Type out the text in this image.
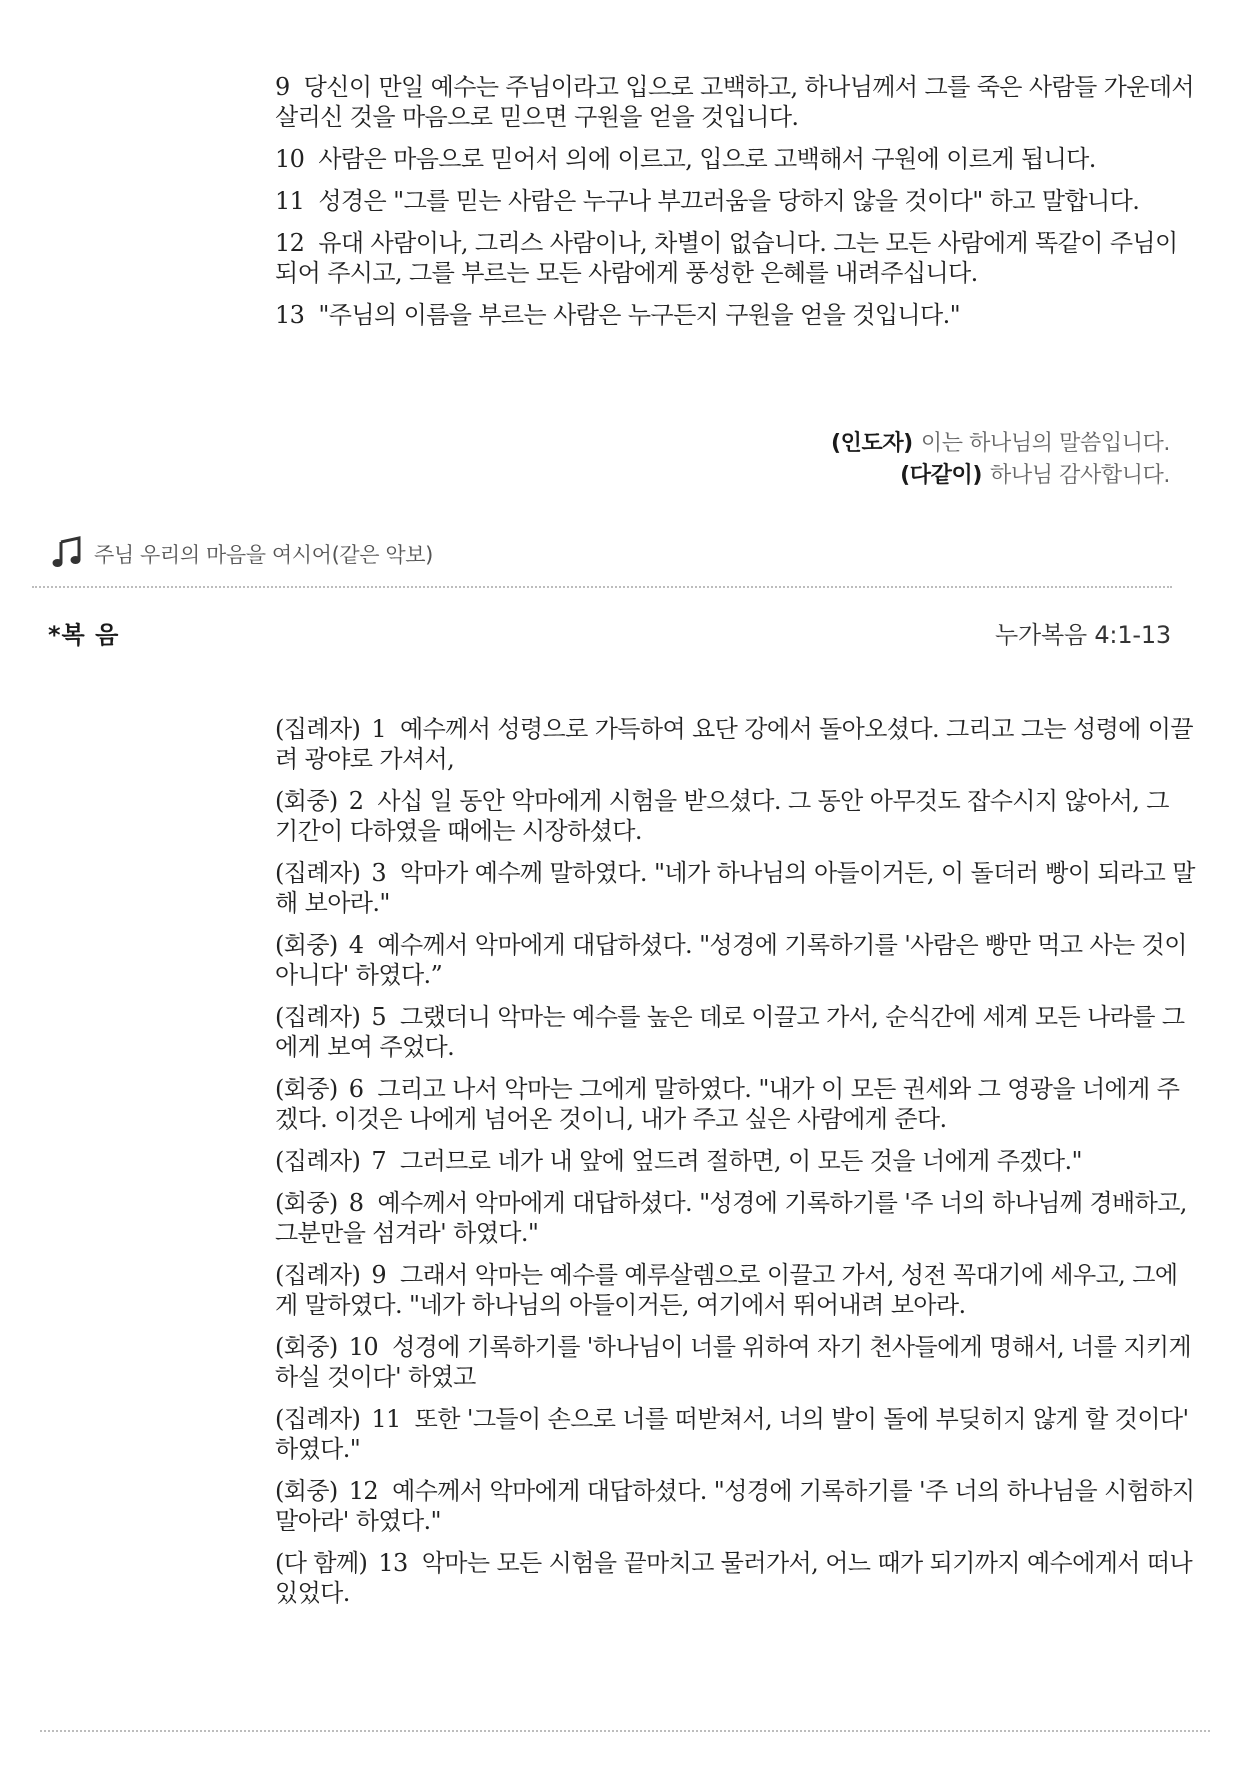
9 당신이 만일 예수는 주님이라고 입으로 고백하고, 하나님께서 그를 죽은 사람들 가운데서 살리신 것을 마음으로 믿으면 구원을 얻을 것입니다.

10 사람은 마음으로 믿어서 의에 이르고, 입으로 고백해서 구원에 이르게 됩니다.

11 성경은 "그를 믿는 사람은 누구나 부끄러움을 당하지 않을 것이다" 하고 말합니다.

12 유대 사람이나, 그리스 사람이나, 차별이 없습니다. 그는 모든 사람에게 똑같이 주님이 되어 주시고, 그를 부르는 모든 사람에게 풍성한 은혜를 내려주십니다.

13 "주님의 이름을 부르는 사람은 누구든지 구원을 얻을 것입니다."

(인도자) 이는 하나님의 말씀입니다.
(다같이) 하나님 감사합니다.
주님 우리의 마음을 여시어(같은 악보)
*복 음	누가복음 4:1-13

(집례자) 1 예수께서 성령으로 가득하여 요단 강에서 돌아오셨다. 그리고 그는 성령에 이끌려 광야로 가셔서,

(회중) 2 사십 일 동안 악마에게 시험을 받으셨다. 그 동안 아무것도 잡수시지 않아서, 그 기간이 다하였을 때에는 시장하셨다.

(집례자) 3 악마가 예수께 말하였다. "네가 하나님의 아들이거든, 이 돌더러 빵이 되라고 말해 보아라."

(회중) 4 예수께서 악마에게 대답하셨다. "성경에 기록하기를 '사람은 빵만 먹고 사는 것이 아니다' 하였다.”

(집례자) 5 그랬더니 악마는 예수를 높은 데로 이끌고 가서, 순식간에 세계 모든 나라를 그에게 보여 주었다.

(회중) 6 그리고 나서 악마는 그에게 말하였다. "내가 이 모든 권세와 그 영광을 너에게 주겠다. 이것은 나에게 넘어온 것이니, 내가 주고 싶은 사람에게 준다.

(집례자) 7 그러므로 네가 내 앞에 엎드려 절하면, 이 모든 것을 너에게 주겠다."

(회중) 8 예수께서 악마에게 대답하셨다. "성경에 기록하기를 '주 너의 하나님께 경배하고, 그분만을 섬겨라' 하였다."

(집례자) 9 그래서 악마는 예수를 예루살렘으로 이끌고 가서, 성전 꼭대기에 세우고, 그에게 말하였다. "네가 하나님의 아들이거든, 여기에서 뛰어내려 보아라.

(회중) 10 성경에 기록하기를 '하나님이 너를 위하여 자기 천사들에게 명해서, 너를 지키게 하실 것이다' 하였고

(집례자) 11 또한 '그들이 손으로 너를 떠받쳐서, 너의 발이 돌에 부딪히지 않게 할 것이다' 하였다."

(회중) 12 예수께서 악마에게 대답하셨다. "성경에 기록하기를 '주 너의 하나님을 시험하지 말아라' 하였다."

(다 함께) 13 악마는 모든 시험을 끝마치고 물러가서, 어느 때가 되기까지 예수에게서 떠나 있었다.
